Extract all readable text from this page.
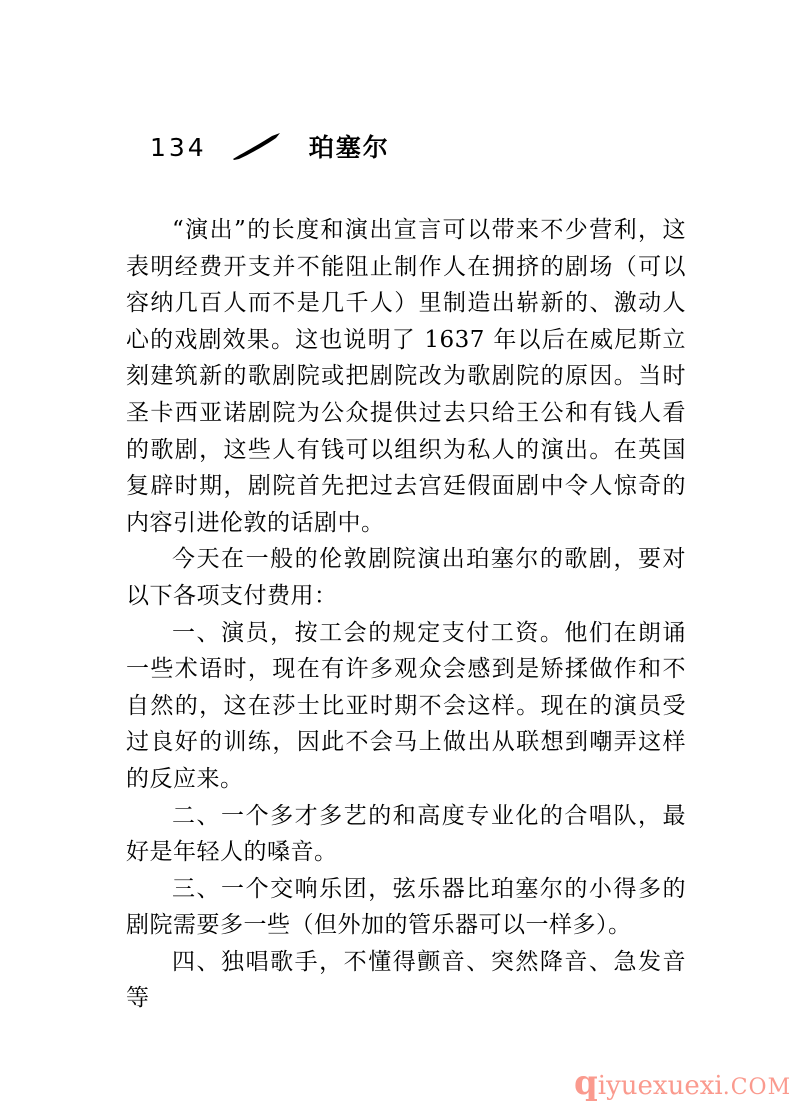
134	珀塞尔

“演出”的长度和演出宣言可以带来不少营利，这表明经费开支并不能阻止制作人在拥挤的剧场（可以容纳几百人而不是几千人）里制造出崭新的、激动人心的戏剧效果。这也说明了 1637 年以后在威尼斯立刻建筑新的歌剧院或把剧院改为歌剧院的原因。当时圣卡西亚诺剧院为公众提供过去只给王公和有钱人看的歌剧，这些人有钱可以组织为私人的演出。在英国复辟时期，剧院首先把过去宫廷假面剧中令人惊奇的内容引进伦敦的话剧中。

今天在一般的伦敦剧院演出珀塞尔的歌剧，要对以下各项支付费用：

一、演员，按工会的规定支付工资。他们在朗诵一些术语时，现在有许多观众会感到是矫揉做作和不自然的，这在莎士比亚时期不会这样。现在的演员受过良好的训练，因此不会马上做出从联想到嘲弄这样的反应来。

二、一个多才多艺的和高度专业化的合唱队，最好是年轻人的嗓音。

三、一个交响乐团，弦乐器比珀塞尔的小得多的剧院需要多一些（但外加的管乐器可以一样多）。

四、独唱歌手，不懂得颤音、突然降音、急发音等

qiyuexuexi.COM
